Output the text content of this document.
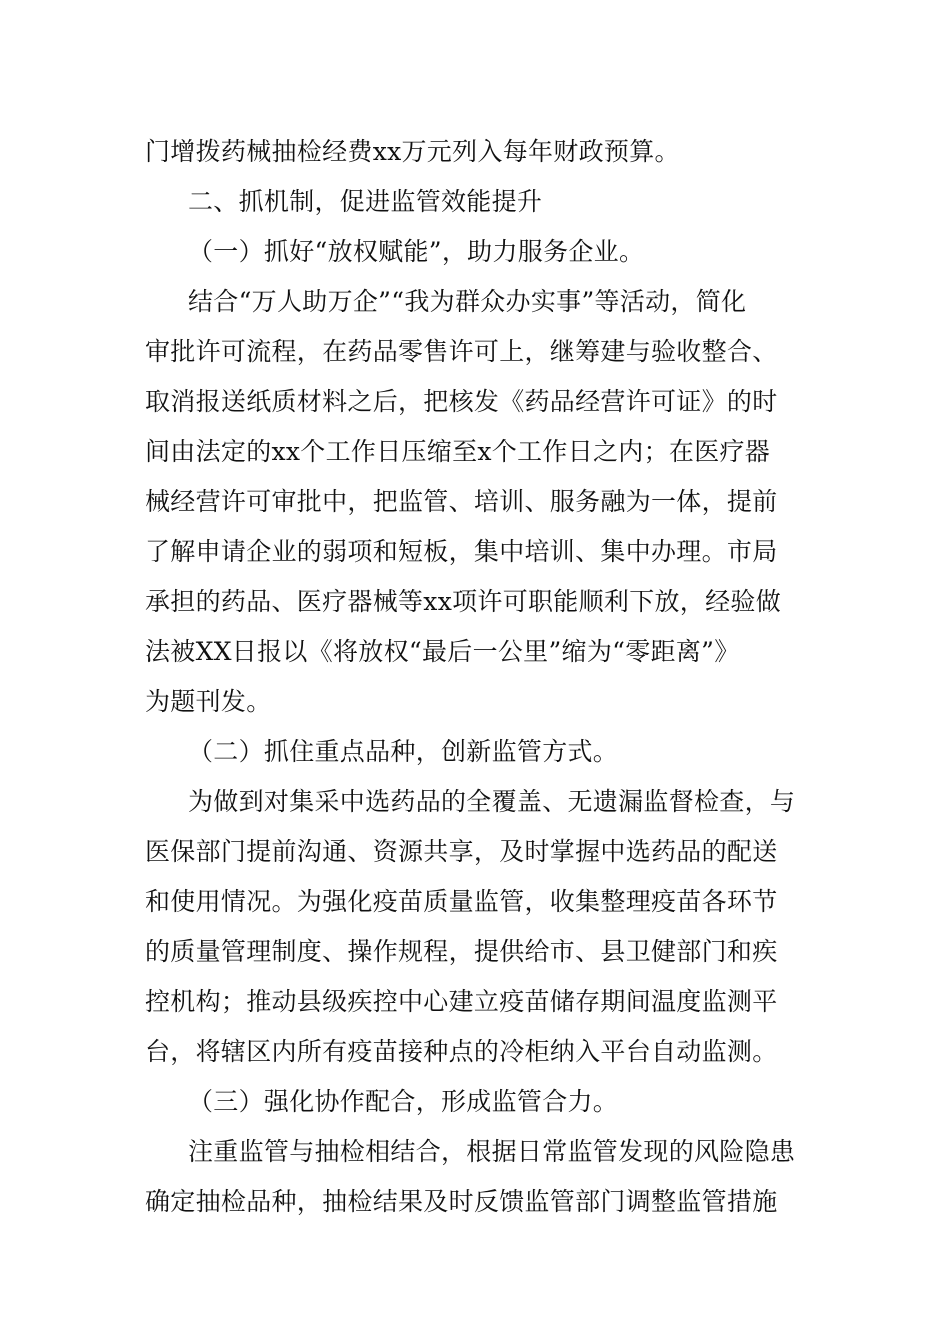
门增拨药械抽检经费xx万元列入每年财政预算。
二、抓机制，促进监管效能提升
（一）抓好“放权赋能”，助力服务企业。
结合“万人助万企”“我为群众办实事”等活动，简化
审批许可流程，在药品零售许可上，继筹建与验收整合、
取消报送纸质材料之后，把核发《药品经营许可证》的时
间由法定的xx个工作日压缩至x个工作日之内；在医疗器
械经营许可审批中，把监管、培训、服务融为一体，提前
了解申请企业的弱项和短板，集中培训、集中办理。市局
承担的药品、医疗器械等xx项许可职能顺利下放，经验做
法被XX日报以《将放权“最后一公里”缩为“零距离”》
为题刊发。
（二）抓住重点品种，创新监管方式。
为做到对集采中选药品的全覆盖、无遗漏监督检查，与
医保部门提前沟通、资源共享，及时掌握中选药品的配送
和使用情况。为强化疫苗质量监管，收集整理疫苗各环节
的质量管理制度、操作规程，提供给市、县卫健部门和疾
控机构；推动县级疾控中心建立疫苗储存期间温度监测平
台，将辖区内所有疫苗接种点的冷柜纳入平台自动监测。
（三）强化协作配合，形成监管合力。
注重监管与抽检相结合，根据日常监管发现的风险隐患
确定抽检品种，抽检结果及时反馈监管部门调整监管措施
